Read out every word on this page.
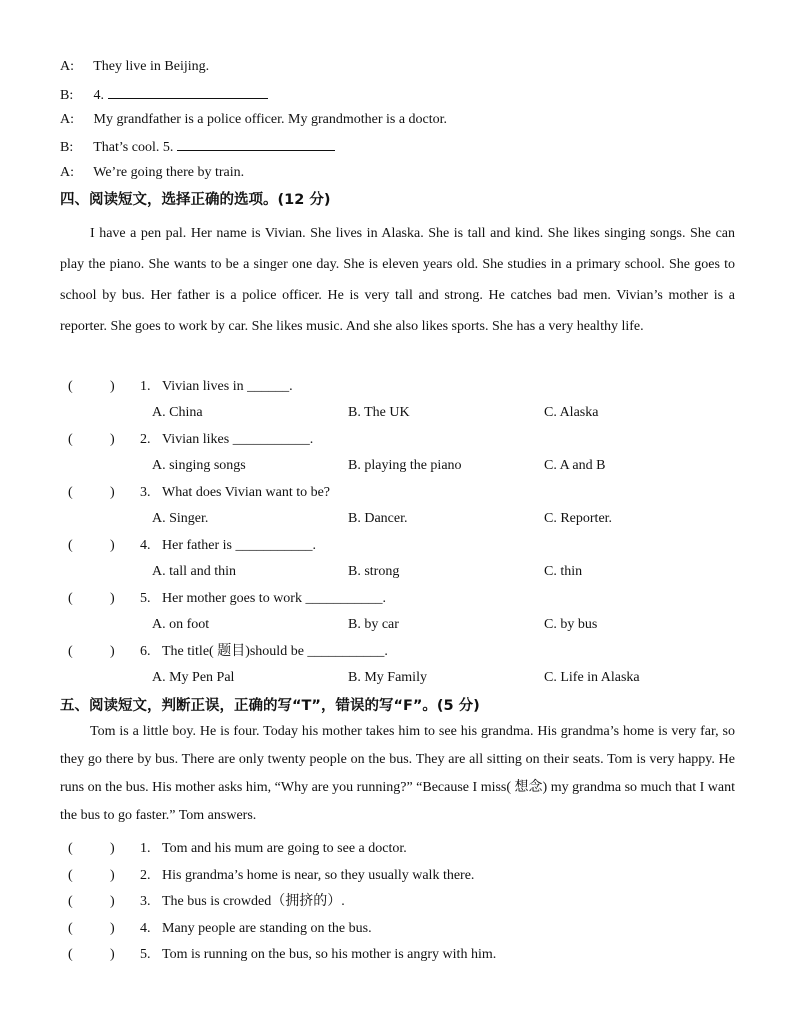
A: They live in Beijing.
B: 4.
A: My grandfather is a police officer. My grandmother is a doctor.
B: That’s cool. 5.
A: We’re going there by train.
四、阅读短文，选择正确的选项。(12 分)

I have a pen pal. Her name is Vivian. She lives in Alaska. She is tall and kind. She likes singing songs. She can play the piano. She wants to be a singer one day. She is eleven years old. She studies in a primary school. She goes to school by bus. Her father is a police officer. He is very tall and strong. He catches bad men. Vivian’s mother is a reporter. She goes to work by car. She likes music. And she also likes sports. She has a very healthy life.

(	) 1. Vivian lives in ______.
A. China	B. The UK	C. Alaska
(	) 2. Vivian likes ___________.
A. singing songs	B. playing the piano	C. A and B
(	) 3. What does Vivian want to be?
A. Singer.	B. Dancer.	C. Reporter.
(	) 4. Her father is ___________.
A. tall and thin	B. strong	C. thin
(	) 5. Her mother goes to work ___________.
A. on foot	B. by car	C. by bus
(	) 6. The title( 题目)should be ___________.
A. My Pen Pal	B. My Family	C. Life in Alaska
五、阅读短文，判断正误，正确的写“T”，错误的写“F”。(5 分)

Tom is a little boy. He is four. Today his mother takes him to see his grandma. His grandma’s home is very far, so they go there by bus. There are only twenty people on the bus. They are all sitting on their seats. Tom is very happy. He runs on the bus. His mother asks him, “Why are you running?” “Because I miss( 想念) my grandma so much that I want the bus to go faster.” Tom answers.

(	) 1. Tom and his mum are going to see a doctor.
(	) 2. His grandma’s home is near, so they usually walk there.
(	) 3. The bus is crowded（拥挤的）.
(	) 4. Many people are standing on the bus.
(	) 5. Tom is running on the bus, so his mother is angry with him.
